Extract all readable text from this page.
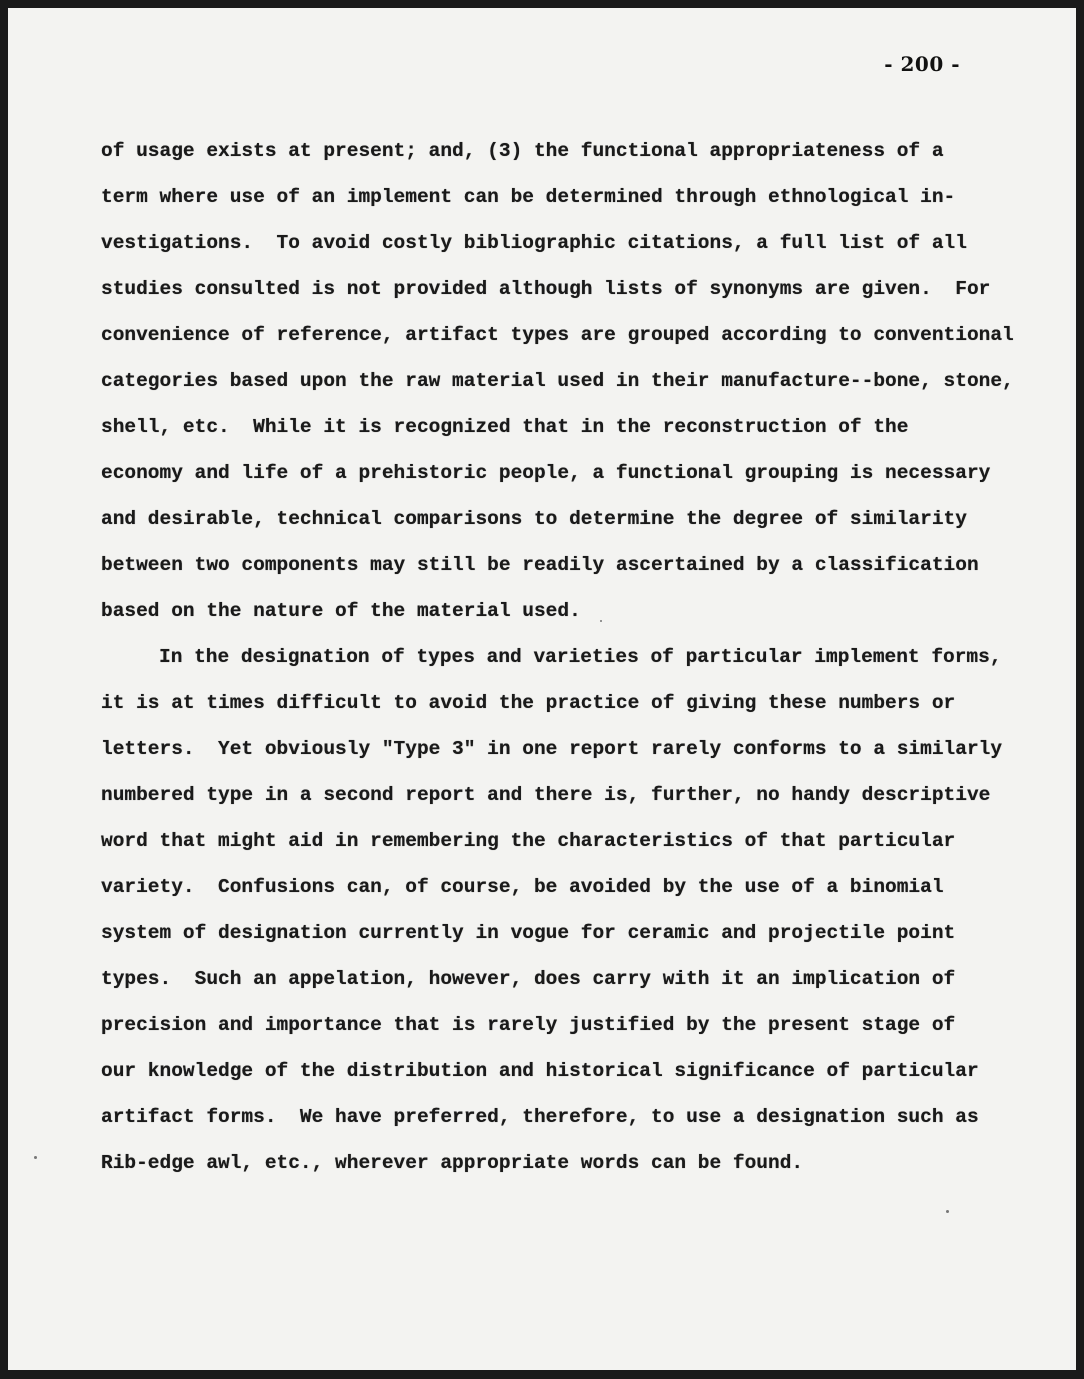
- 200 -
of usage exists at present; and, (3) the functional appropriateness of a
term where use of an implement can be determined through ethnological in-
vestigations.  To avoid costly bibliographic citations, a full list of all
studies consulted is not provided although lists of synonyms are given.  For
convenience of reference, artifact types are grouped according to conventional
categories based upon the raw material used in their manufacture--bone, stone,
shell, etc.  While it is recognized that in the reconstruction of the
economy and life of a prehistoric people, a functional grouping is necessary
and desirable, technical comparisons to determine the degree of similarity
between two components may still be readily ascertained by a classification
based on the nature of the material used.
In the designation of types and varieties of particular implement forms,
it is at times difficult to avoid the practice of giving these numbers or
letters.  Yet obviously "Type 3" in one report rarely conforms to a similarly
numbered type in a second report and there is, further, no handy descriptive
word that might aid in remembering the characteristics of that particular
variety.  Confusions can, of course, be avoided by the use of a binomial
system of designation currently in vogue for ceramic and projectile point
types.  Such an appelation, however, does carry with it an implication of
precision and importance that is rarely justified by the present stage of
our knowledge of the distribution and historical significance of particular
artifact forms.  We have preferred, therefore, to use a designation such as
Rib-edge awl, etc., wherever appropriate words can be found.
